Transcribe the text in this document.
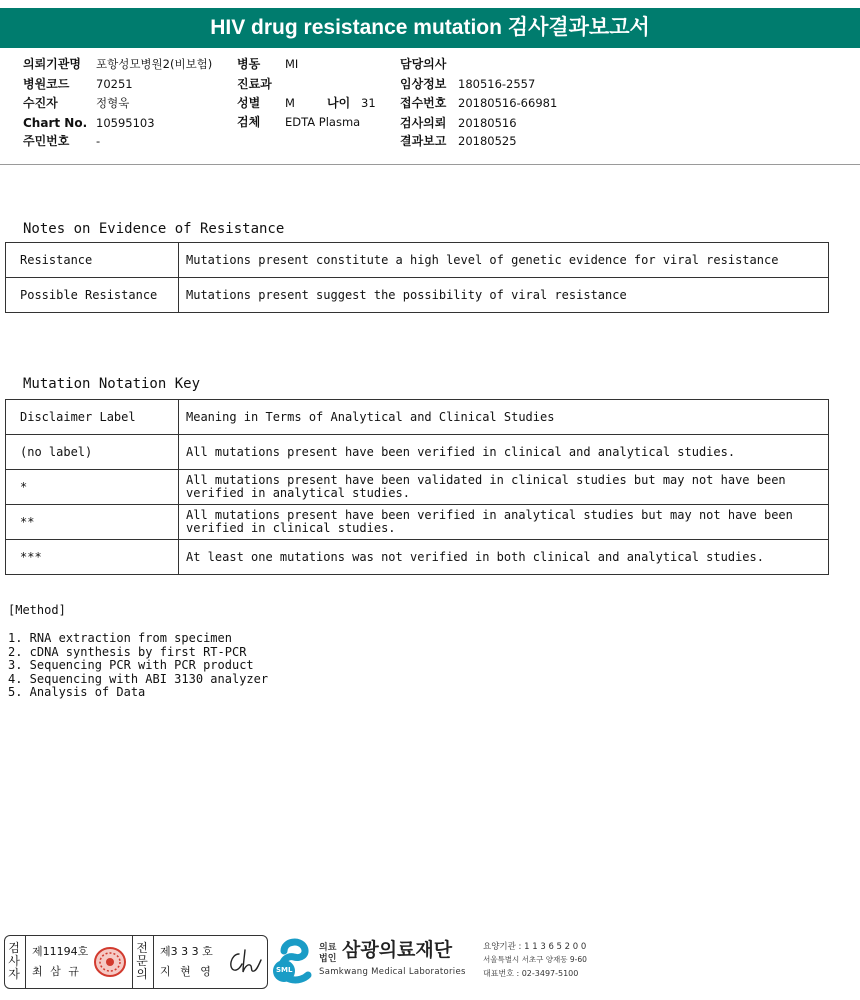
HIV drug resistance mutation 검사결과보고서
의뢰기관명 포항성모병원2(비보험)
병원코드 70251
수진자	정형욱
Chart No. 10595103
주민번호 -
병동 MI
진료과
성별 M	나이 31
검체 EDTA Plasma
담당의사
임상정보 180516-2557
접수번호 20180516-66981
검사의뢰 20180516
결과보고 20180525
Notes on Evidence of Resistance
Resistance	Mutations present constitute a high level of genetic evidence for viral resistance
Possible Resistance	Mutations present suggest the possibility of viral resistance
Mutation Notation Key
Disclaimer Label	Meaning in Terms of Analytical and Clinical Studies
(no label)	All mutations present have been verified in clinical and analytical studies.
*	All mutations present have been validated in clinical studies but may not have been verified in analytical studies.
**	All mutations present have been verified in analytical studies but may not have been verified in clinical studies.
***	At least one mutations was not verified in both clinical and analytical studies.
[Method]
1. RNA extraction from specimen
2. cDNA synthesis by first RT-PCR
3. Sequencing PCR with PCR product
4. Sequencing with ABI 3130 analyzer
5. Analysis of Data
검
사
자
제11194호
최 삼 규
전
문
의
제3 3 3 호
지 현 영	SML
의료
법인 삼광의료재단
Samkwang Medical Laboratories
요양기관 : 1 1 3 6 5 2 0 0
서울특별시 서초구 양재동 9-60
대표번호 : 02-3497-5100
